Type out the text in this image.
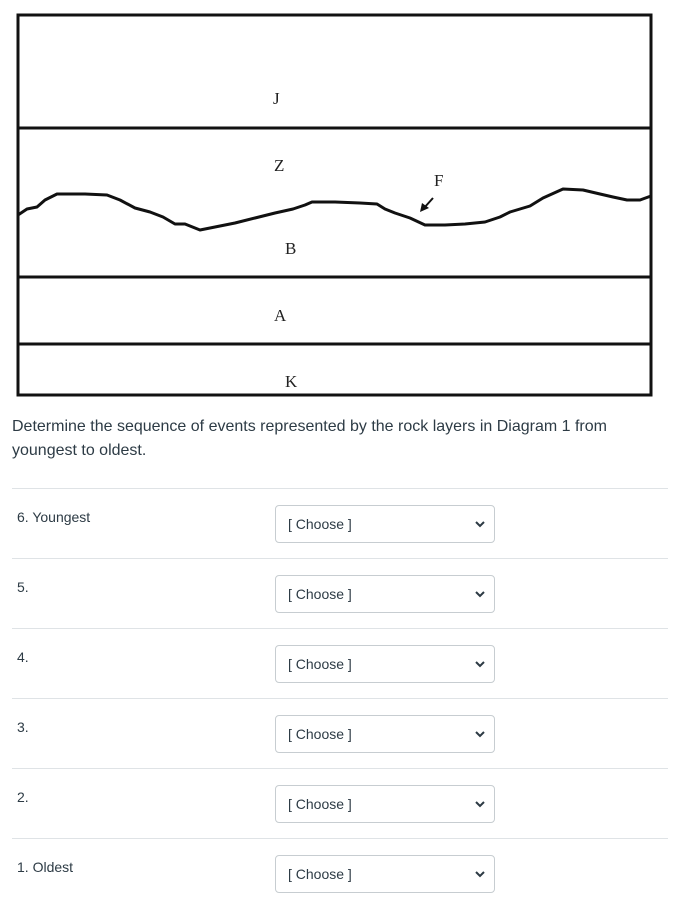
J
Z
F
B
A
K

Determine the sequence of events represented by the rock layers in Diagram 1 from youngest to oldest.

6. Youngest	[ Choose ]
5.	[ Choose ]
4.	[ Choose ]
3.	[ Choose ]
2.	[ Choose ]
1. Oldest	[ Choose ]
